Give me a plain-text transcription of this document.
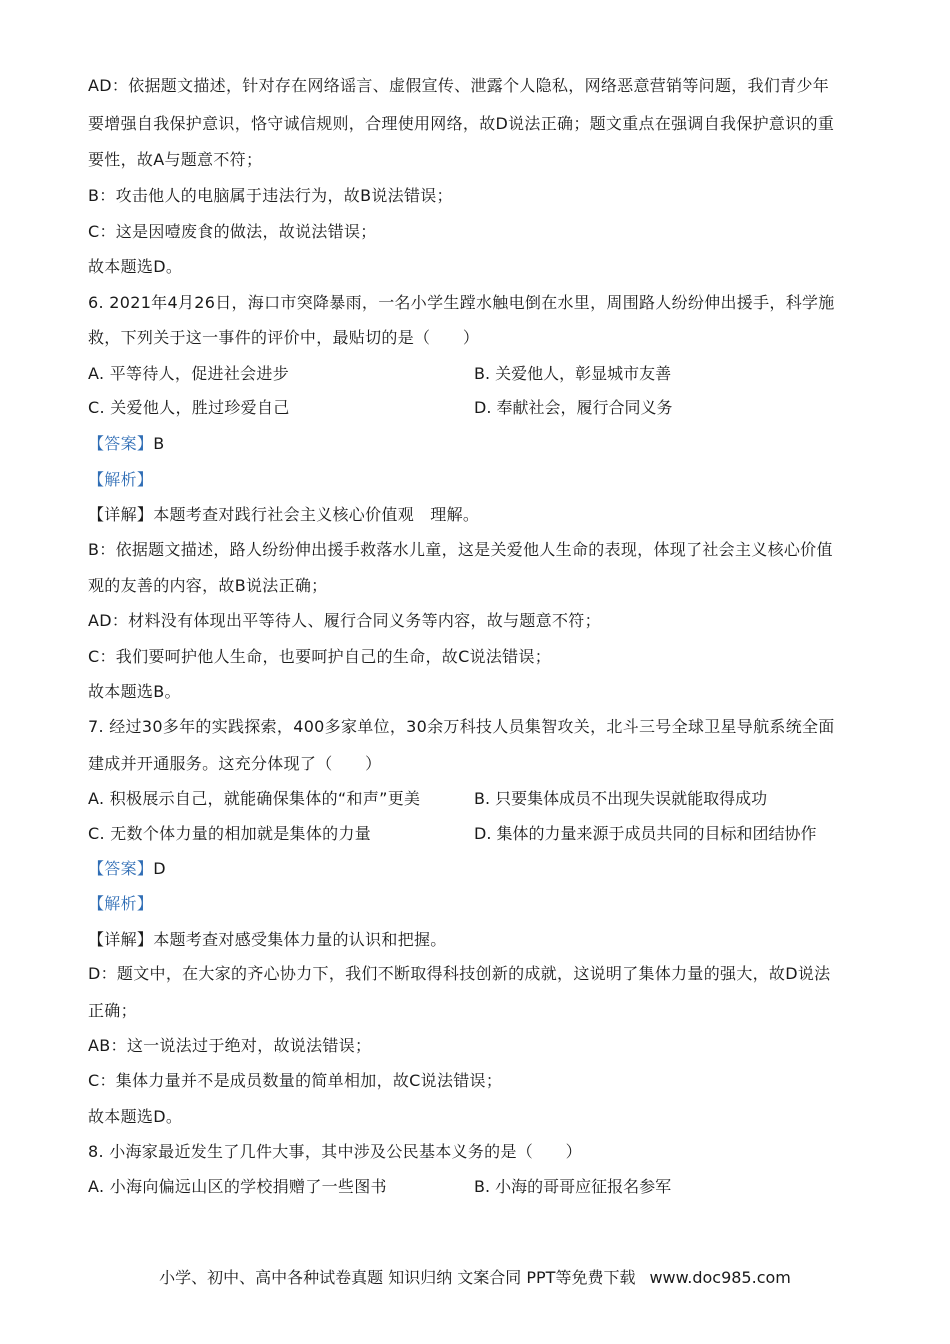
AD：依据题文描述，针对存在网络谣言、虚假宣传、泄露个人隐私，网络恶意营销等问题，我们青少年
要增强自我保护意识，恪守诚信规则，合理使用网络，故D说法正确；题文重点在强调自我保护意识的重
要性，故A与题意不符；
B：攻击他人的电脑属于违法行为，故B说法错误；
C：这是因噎废食的做法，故说法错误；
故本题选D。
6. 2021年4月26日，海口市突降暴雨，一名小学生蹚水触电倒在水里，周围路人纷纷伸出援手，科学施
救，下列关于这一事件的评价中，最贴切的是（　　）
A. 平等待人，促进社会进步	B. 关爱他人，彰显城市友善
C. 关爱他人，胜过珍爱自己	D. 奉献社会，履行合同义务
【答案】B
【解析】
【详解】本题考查对践行社会主义核心价值观　理解。
B：依据题文描述，路人纷纷伸出援手救落水儿童，这是关爱他人生命的表现，体现了社会主义核心价值
观的友善的内容，故B说法正确；
AD：材料没有体现出平等待人、履行合同义务等内容，故与题意不符；
C：我们要呵护他人生命，也要呵护自己的生命，故C说法错误；
故本题选B。
7. 经过30多年的实践探索，400多家单位，30余万科技人员集智攻关，北斗三号全球卫星导航系统全面
建成并开通服务。这充分体现了（　　）
A. 积极展示自己，就能确保集体的“和声”更美	B. 只要集体成员不出现失误就能取得成功
C. 无数个体力量的相加就是集体的力量	D. 集体的力量来源于成员共同的目标和团结协作
【答案】D
【解析】
【详解】本题考查对感受集体力量的认识和把握。
D：题文中，在大家的齐心协力下，我们不断取得科技创新的成就，这说明了集体力量的强大，故D说法
正确；
AB：这一说法过于绝对，故说法错误；
C：集体力量并不是成员数量的简单相加，故C说法错误；
故本题选D。
8. 小海家最近发生了几件大事，其中涉及公民基本义务的是（　　）
A. 小海向偏远山区的学校捐赠了一些图书	B. 小海的哥哥应征报名参军
小学、初中、高中各种试卷真题 知识归纳 文案合同 PPT等免费下载 www.doc985.com
